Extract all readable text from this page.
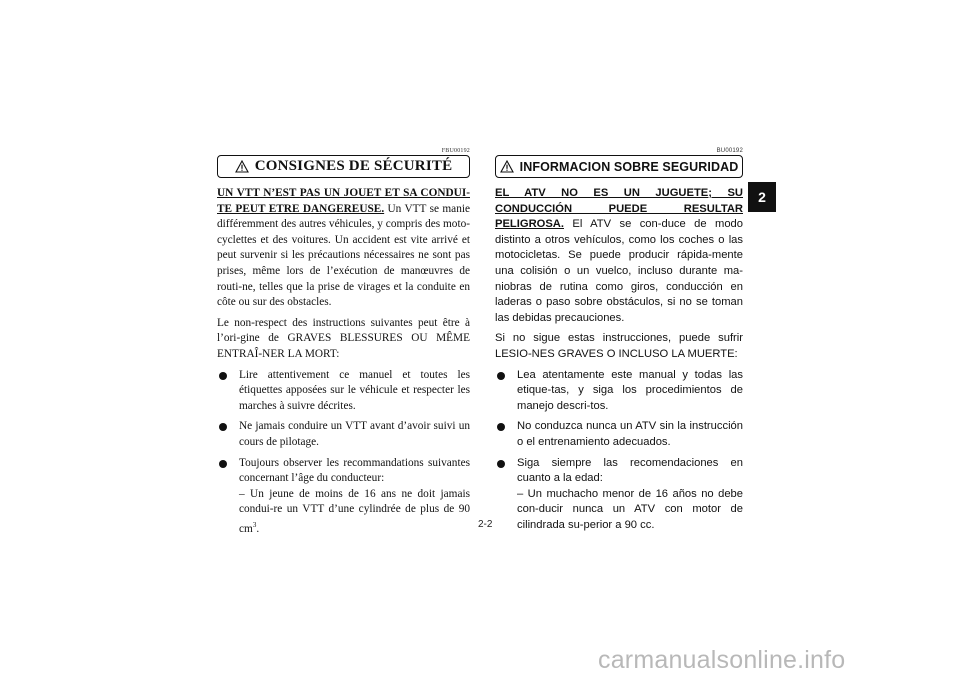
FBU00192
CONSIGNES DE SÉCURITÉ

UN VTT N’EST PAS UN JOUET ET SA CONDUI-TE PEUT ETRE DANGEREUSE. Un VTT se manie différemment des autres véhicules, y compris des moto-cyclettes et des voitures. Un accident est vite arrivé et peut survenir si les précautions nécessaires ne sont pas prises, même lors de l’exécution de manœuvres de routi-ne, telles que la prise de virages et la conduite en côte ou sur des obstacles.

Le non-respect des instructions suivantes peut être à l’ori-gine de GRAVES BLESSURES OU MÊME ENTRAÎ-NER LA MORT:

Lire attentivement ce manuel et toutes les étiquettes apposées sur le véhicule et respecter les marches à suivre décrites.
Ne jamais conduire un VTT avant d’avoir suivi un cours de pilotage.
Toujours observer les recommandations suivantes concernant l’âge du conducteur:
– Un jeune de moins de 16 ans ne doit jamais condui-re un VTT d’une cylindrée de plus de 90 $cm^3$.
BU00192
INFORMACION SOBRE SEGURIDAD

EL ATV NO ES UN JUGUETE; SU CONDUCCIÓN PUEDE RESULTAR PELIGROSA. El ATV se con-duce de modo distinto a otros vehículos, como los coches o las motocicletas. Se puede producir rápida-mente una colisión o un vuelco, incluso durante ma-niobras de rutina como giros, conducción en laderas o paso sobre obstáculos, si no se toman las debidas precauciones.

Si no sigue estas instrucciones, puede sufrir LESIO-NES GRAVES O INCLUSO LA MUERTE:

Lea atentamente este manual y todas las etique-tas, y siga los procedimientos de manejo descri-tos.
No conduzca nunca un ATV sin la instrucción o el entrenamiento adecuados.
Siga siempre las recomendaciones en cuanto a la edad:
– Un muchacho menor de 16 años no debe con-ducir nunca un ATV con motor de cilindrada su-perior a 90 cc.
2
2-2
carmanualsonline.info
